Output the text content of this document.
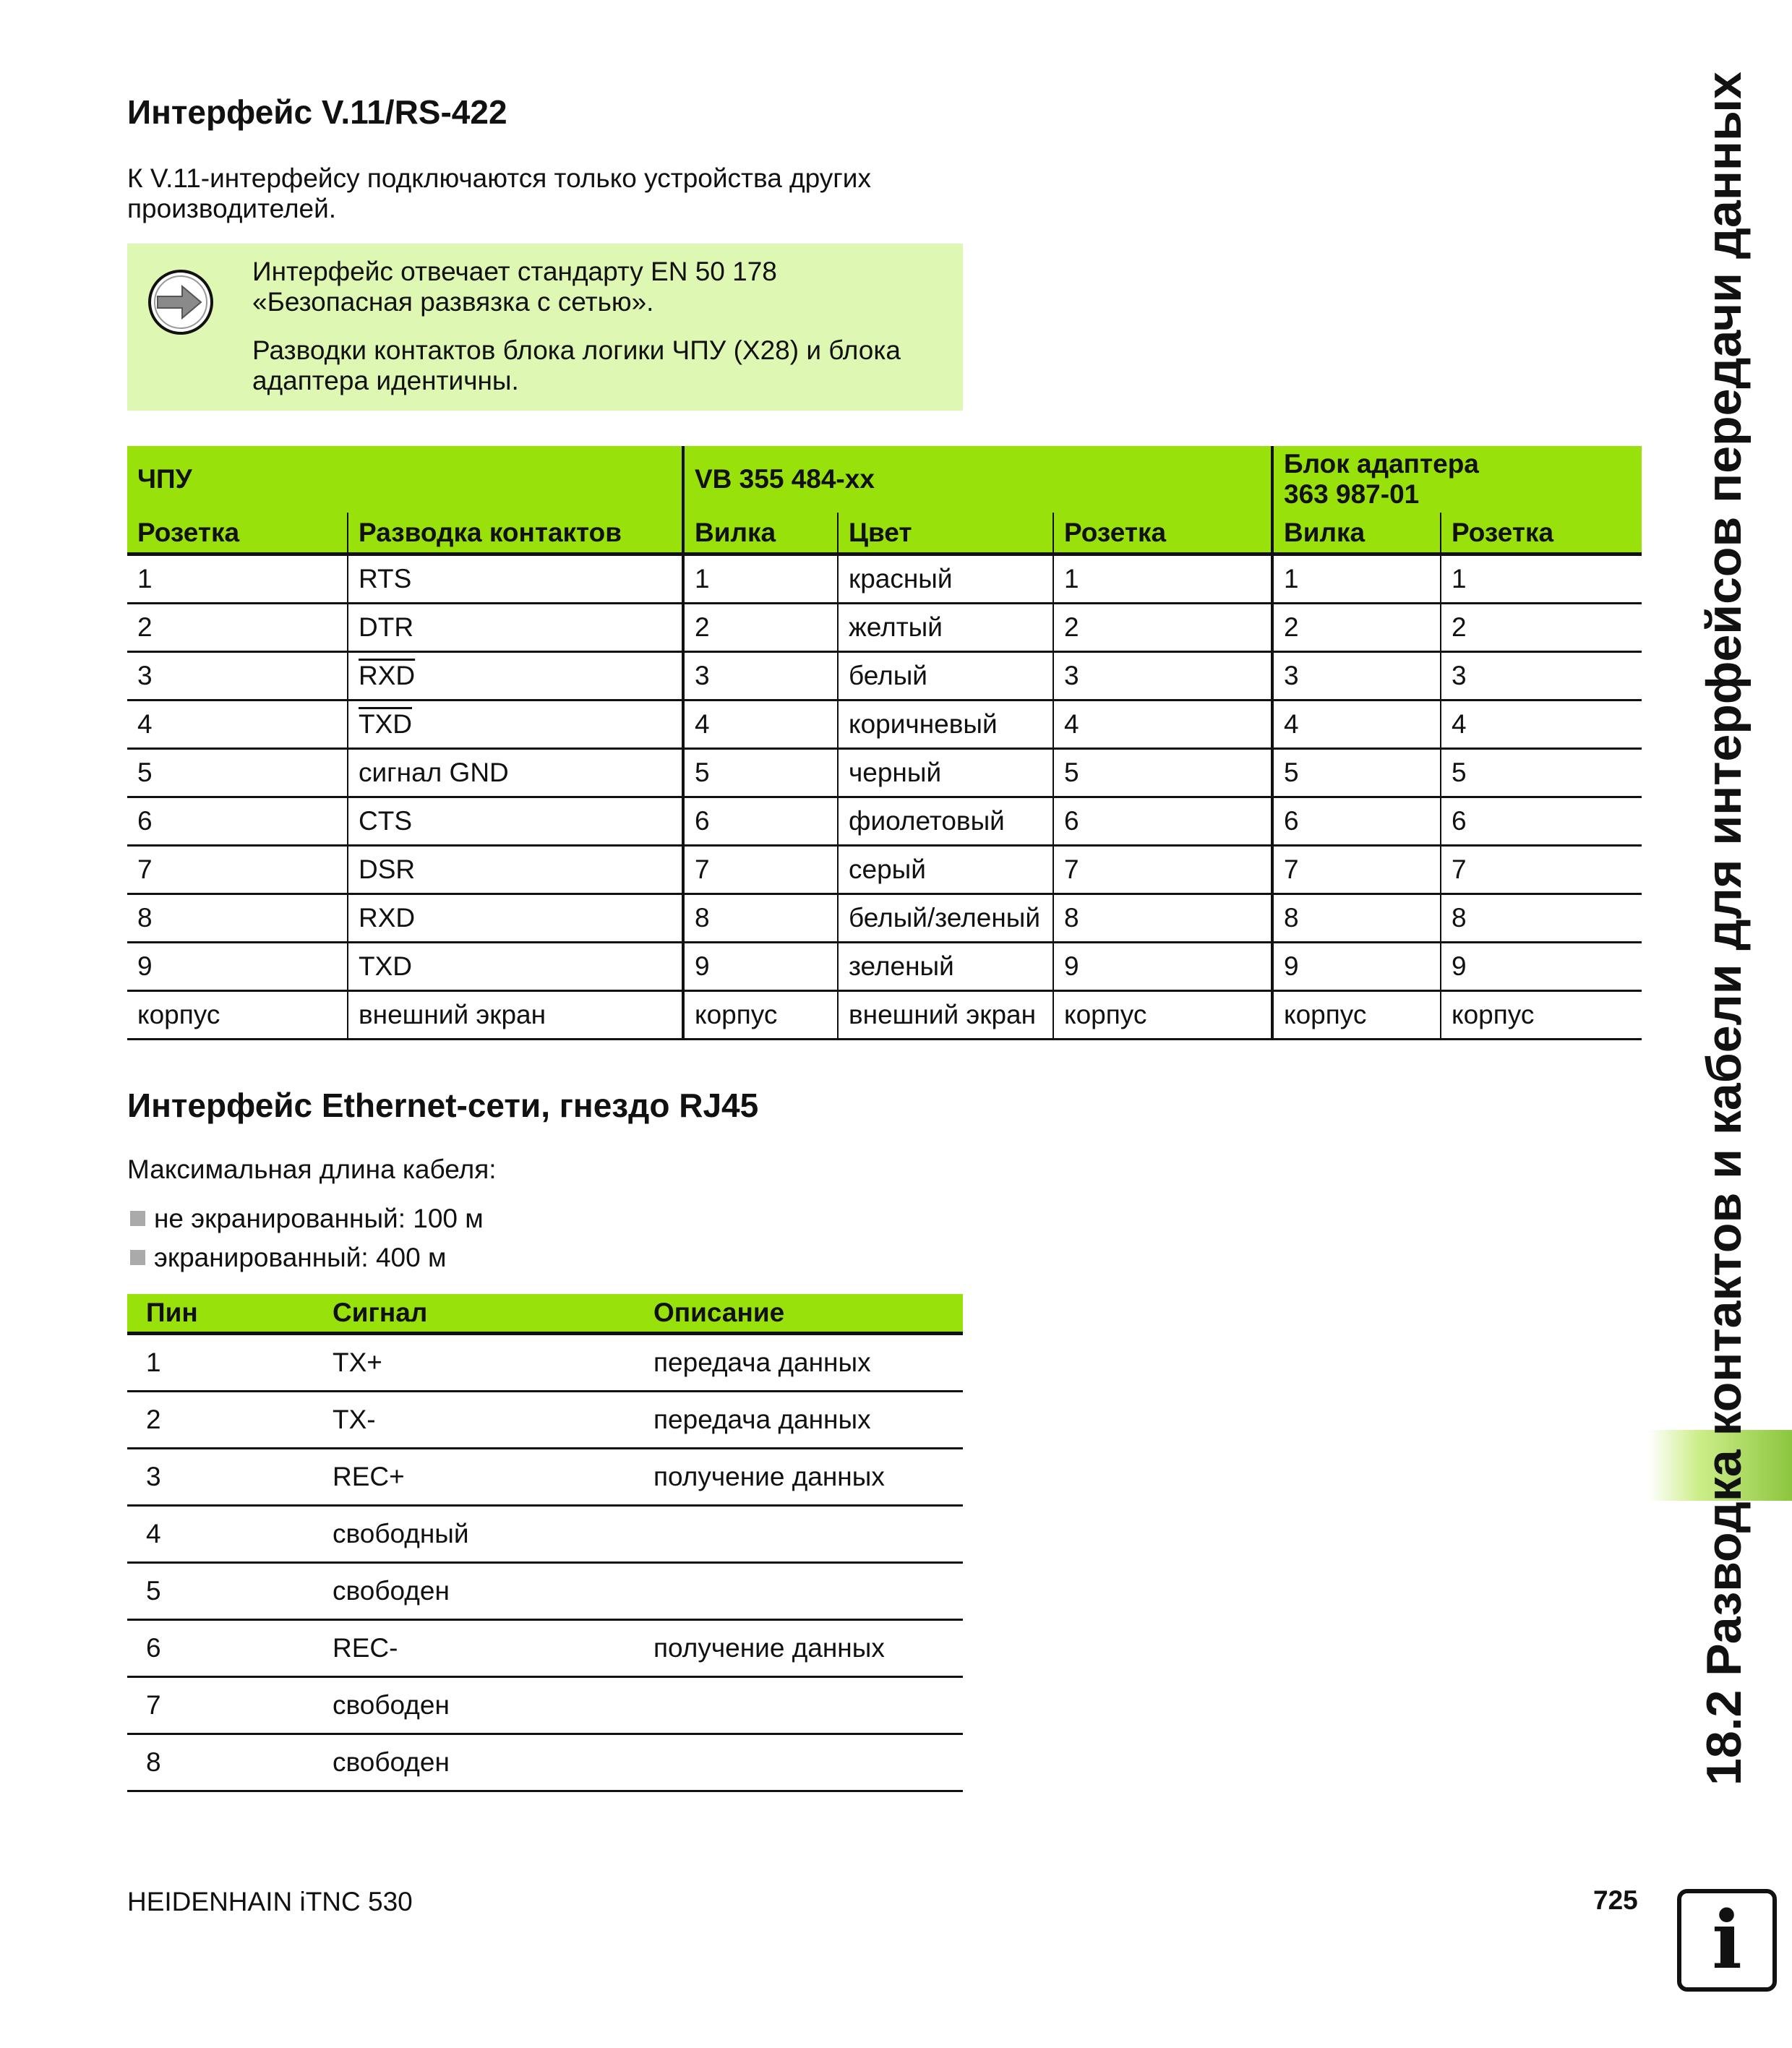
Интерфейс V.11/RS-422
К V.11-интерфейсу подключаются только устройства других
производителей.
Интерфейс отвечает стандарту EN 50 178
«Безопасная развязка с сетью».
Разводки контактов блока логики ЧПУ (X28) и блока
адаптера идентичны.
ЧПУ		VB 355 484-xx			Блок адаптера
363 987-01	

Розетка	Разводка контактов	Вилка	Цвет	Розетка	Вилка	Розетка
1	RTS	1	красный	1	1	1
2	DTR	2	желтый	2	2	2
3	$\overline{RXD}$	3	белый	3	3	3
4	$\overline{TXD}$	4	коричневый	4	4	4
5	сигнал GND	5	черный	5	5	5
6	CTS	6	фиолетовый	6	6	6
7	DSR	7	серый	7	7	7
8	RXD	8	белый/зеленый	8	8	8
9	TXD	9	зеленый	9	9	9
корпус	внешний экран	корпус	внешний экран	корпус	корпус	корпус
Интерфейс Ethernet-сети, гнездо RJ45
Максимальная длина кабеля:
не экранированный: 100 м
экранированный: 400 м
Пин	Сигнал	Описание
1	TX+	передача данных
2	TX-	передача данных
3	REC+	получение данных
4	свободный	
5	свободен	
6	REC-	получение данных
7	свободен	
8	свободен		18.2 Разводка контактов и кабели для интерфейсов передачи данных
HEIDENHAIN iTNC 530	725 i
